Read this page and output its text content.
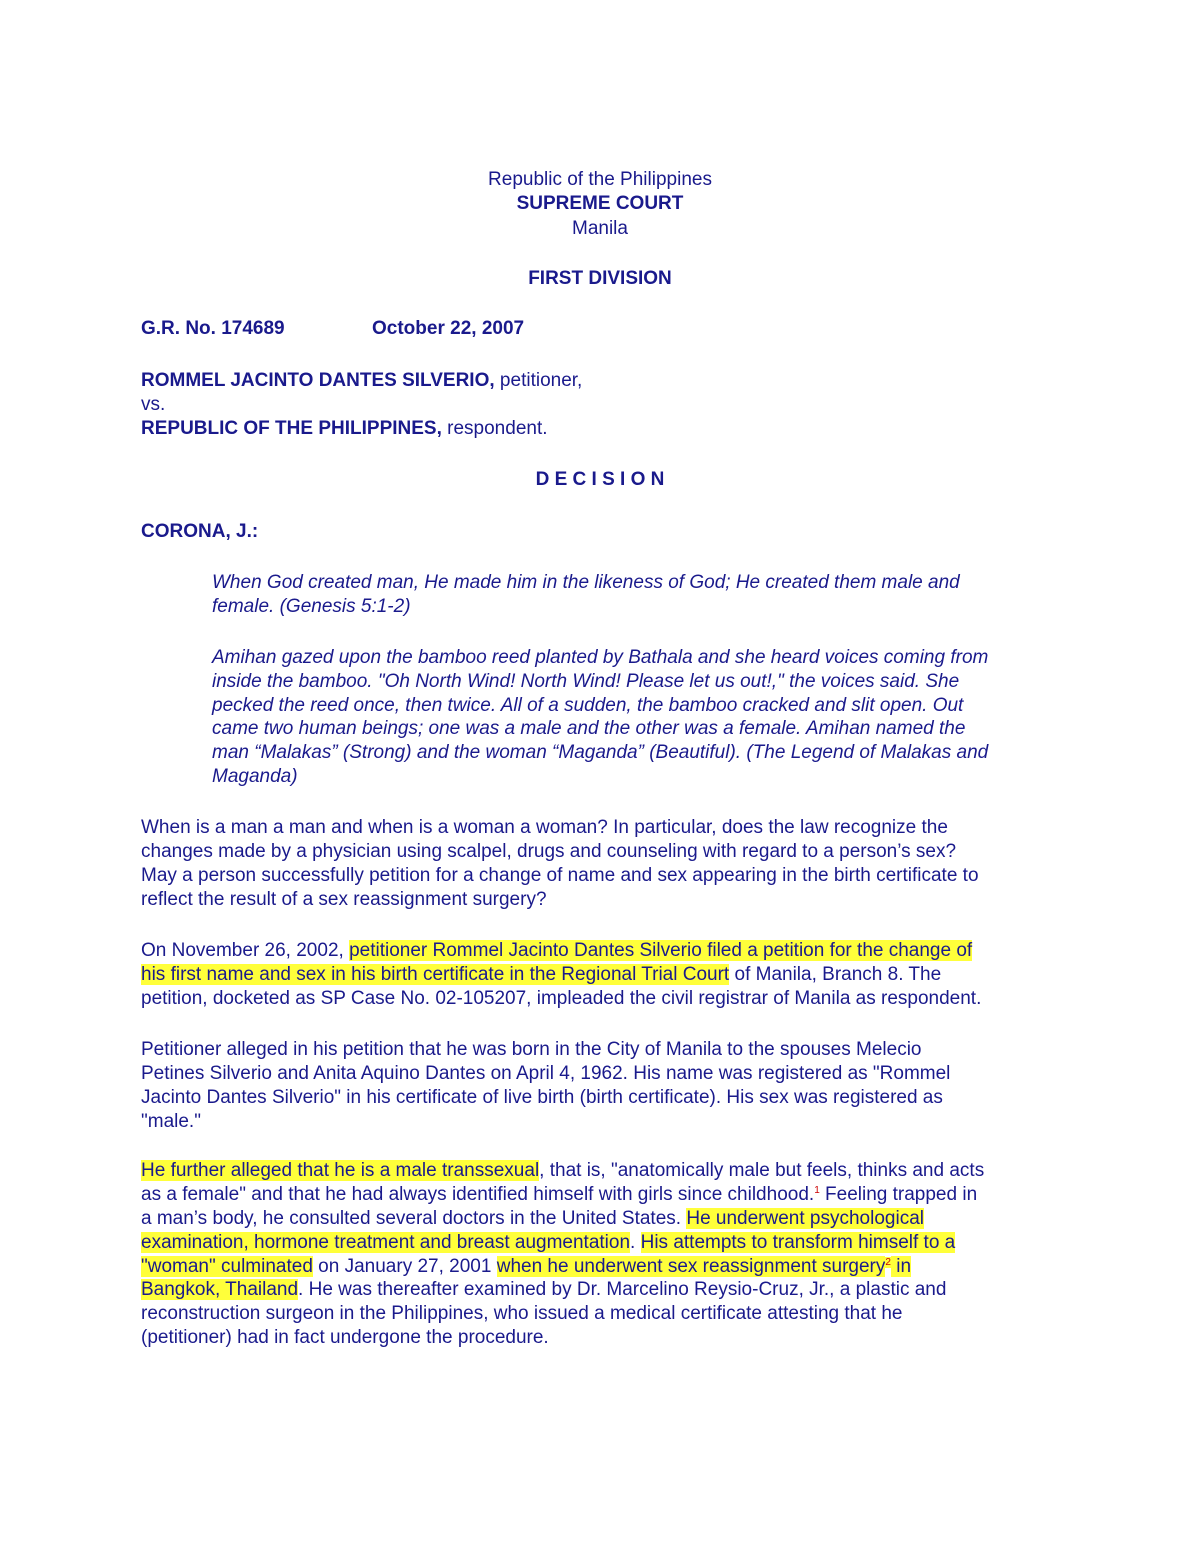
Republic of the Philippines
SUPREME COURT
Manila
FIRST DIVISION
G.R. No. 174689	October 22, 2007
ROMMEL JACINTO DANTES SILVERIO, petitioner,
vs.
REPUBLIC OF THE PHILIPPINES, respondent.
D E C I S I O N
CORONA, J.:
When God created man, He made him in the likeness of God; He created them male and
female. (Genesis 5:1-2)
Amihan gazed upon the bamboo reed planted by Bathala and she heard voices coming from
inside the bamboo. "Oh North Wind! North Wind! Please let us out!," the voices said. She
pecked the reed once, then twice. All of a sudden, the bamboo cracked and slit open. Out
came two human beings; one was a male and the other was a female. Amihan named the
man “Malakas” (Strong) and the woman “Maganda” (Beautiful). (The Legend of Malakas and
Maganda)
When is a man a man and when is a woman a woman? In particular, does the law recognize the
changes made by a physician using scalpel, drugs and counseling with regard to a person’s sex?
May a person successfully petition for a change of name and sex appearing in the birth certificate to
reflect the result of a sex reassignment surgery?
On November 26, 2002, petitioner Rommel Jacinto Dantes Silverio filed a petition for the change of
his first name and sex in his birth certificate in the Regional Trial Court of Manila, Branch 8. The
petition, docketed as SP Case No. 02-105207, impleaded the civil registrar of Manila as respondent.
Petitioner alleged in his petition that he was born in the City of Manila to the spouses Melecio
Petines Silverio and Anita Aquino Dantes on April 4, 1962. His name was registered as "Rommel
Jacinto Dantes Silverio" in his certificate of live birth (birth certificate). His sex was registered as
"male."
He further alleged that he is a male transsexual, that is, "anatomically male but feels, thinks and acts
as a female" and that he had always identified himself with girls since childhood.$^1$ Feeling trapped in
a man’s body, he consulted several doctors in the United States. He underwent psychological
examination, hormone treatment and breast augmentation. His attempts to transform himself to a
"woman" culminated on January 27, 2001 when he underwent sex reassignment surgery$^2$ in
Bangkok, Thailand. He was thereafter examined by Dr. Marcelino Reysio-Cruz, Jr., a plastic and
reconstruction surgeon in the Philippines, who issued a medical certificate attesting that he
(petitioner) had in fact undergone the procedure.
